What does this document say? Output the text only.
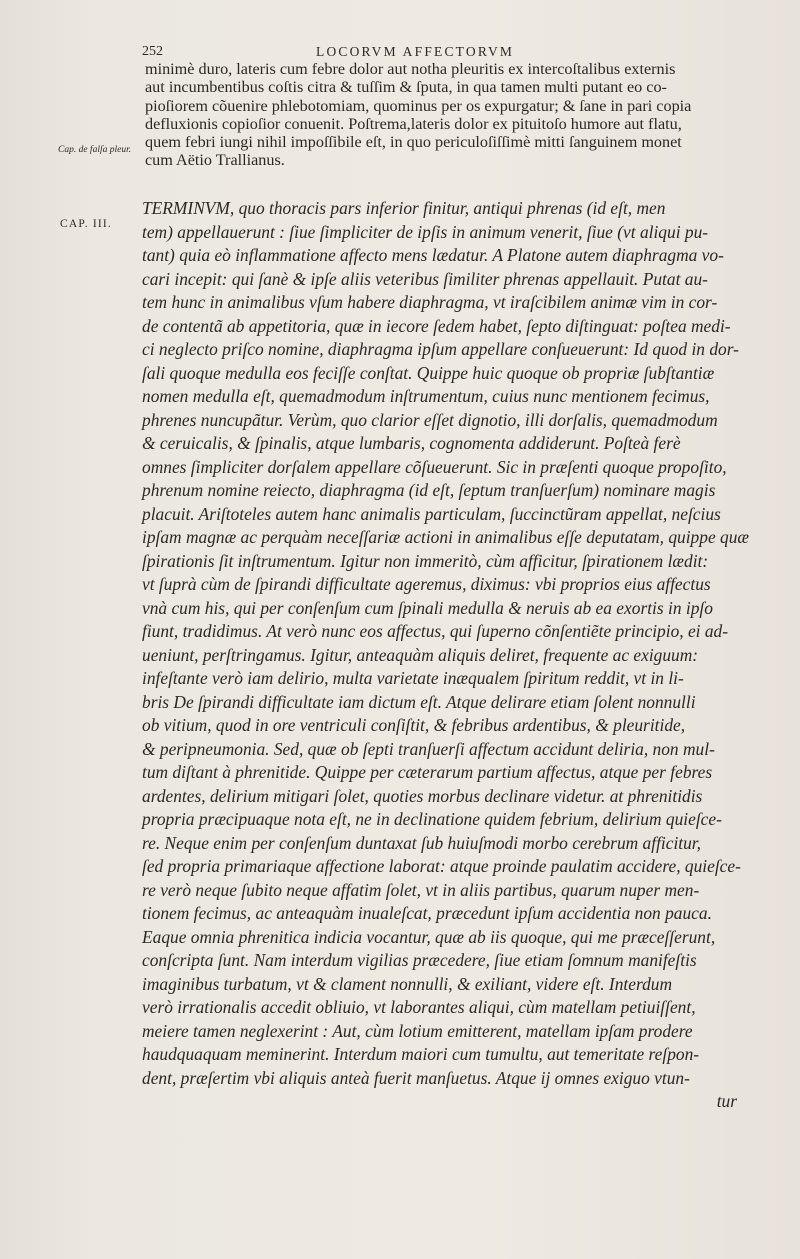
252	LOCORVM AFFECTORVM
minimè duro, lateris cum febre dolor aut notha pleuritis ex intercoſtalibus externis
aut incumbentibus coſtis citra & tuſſim & ſputa, in qua tamen multi putant eo co-
pioſiorem cõuenire phlebotomiam, quominus per os expurgatur; & ſane in pari copia
defluxionis copioſior conuenit. Poſtrema,lateris dolor ex pituitoſo humore aut flatu,
quem febri iungi nihil impoſſibile eſt, in quo periculoſiſſimè mitti ſanguinem monet
cum Aëtio Trallianus.
Cap. de falſa pleur.
CAP. III.
TERMINVM, quo thoracis pars inferior finitur, antiqui phrenas (id eſt, men
tem) appellauerunt : ſiue ſimpliciter de ipſis in animum venerit, ſiue (vt aliqui pu-
tant) quia eò inflammatione affecto mens lædatur. A Platone autem diaphragma vo-
cari incepit: qui ſanè & ipſe aliis veteribus ſimiliter phrenas appellauit. Putat au-
tem hunc in animalibus vſum habere diaphragma, vt iraſcibilem animæ vim in cor-
de contentã ab appetitoria, quæ in iecore ſedem habet, ſepto diſtinguat: poſtea medi-
ci neglecto priſco nomine, diaphragma ipſum appellare conſueuerunt: Id quod in dor-
ſali quoque medulla eos feciſſe conſtat. Quippe huic quoque ob propriæ ſubſtantiæ
nomen medulla eſt, quemadmodum inſtrumentum, cuius nunc mentionem fecimus,
phrenes nuncupãtur. Verùm, quo clarior eſſet dignotio, illi dorſalis, quemadmodum
& ceruicalis, & ſpinalis, atque lumbaris, cognomenta addiderunt. Poſteà ferè
omnes ſimpliciter dorſalem appellare cõſueuerunt. Sic in præſenti quoque propoſito,
phrenum nomine reiecto, diaphragma (id eſt, ſeptum tranſuerſum) nominare magis
placuit. Ariſtoteles autem hanc animalis particulam, ſuccinctũram appellat, neſcius
ipſam magnæ ac perquàm neceſſariæ actioni in animalibus eſſe deputatam, quippe quæ
ſpirationis ſit inſtrumentum. Igitur non immeritò, cùm afficitur, ſpirationem lædit:
vt ſuprà cùm de ſpirandi difficultate ageremus, diximus: vbi proprios eius affectus
vnà cum his, qui per conſenſum cum ſpinali medulla & neruis ab ea exortis in ipſo
fiunt, tradidimus. At verò nunc eos affectus, qui ſuperno cõnſentiẽte principio, ei ad-
ueniunt, perſtringamus. Igitur, anteaquàm aliquis deliret, frequente ac exiguum:
infeſtante verò iam delirio, multa varietate inæqualem ſpiritum reddit, vt in li-
bris De ſpirandi difficultate iam dictum eſt. Atque delirare etiam ſolent nonnulli
ob vitium, quod in ore ventriculi conſiſtit, & febribus ardentibus, & pleuritide,
& peripneumonia. Sed, quæ ob ſepti tranſuerſi affectum accidunt deliria, non mul-
tum diſtant à phrenitide. Quippe per cæterarum partium affectus, atque per febres
ardentes, delirium mitigari ſolet, quoties morbus declinare videtur. at phrenitidis
propria præcipuaque nota eſt, ne in declinatione quidem febrium, delirium quieſce-
re. Neque enim per conſenſum duntaxat ſub huiuſmodi morbo cerebrum afficitur,
ſed propria primariaque affectione laborat: atque proinde paulatim accidere, quieſce-
re verò neque ſubito neque affatim ſolet, vt in aliis partibus, quarum nuper men-
tionem fecimus, ac anteaquàm inualeſcat, præcedunt ipſum accidentia non pauca.
Eaque omnia phrenitica indicia vocantur, quæ ab iis quoque, qui me præceſſerunt,
conſcripta ſunt. Nam interdum vigilias præcedere, ſiue etiam ſomnum manifeſtis
imaginibus turbatum, vt & clament nonnulli, & exiliant, videre eſt. Interdum
verò irrationalis accedit obliuio, vt laborantes aliqui, cùm matellam petiuiſſent,
meiere tamen neglexerint : Aut, cùm lotium emitterent, matellam ipſam prodere
haudquaquam meminerint. Interdum maiori cum tumultu, aut temeritate reſpon-
dent, præſertim vbi aliquis anteà fuerit manſuetus. Atque ij omnes exiguo vtun-
tur
